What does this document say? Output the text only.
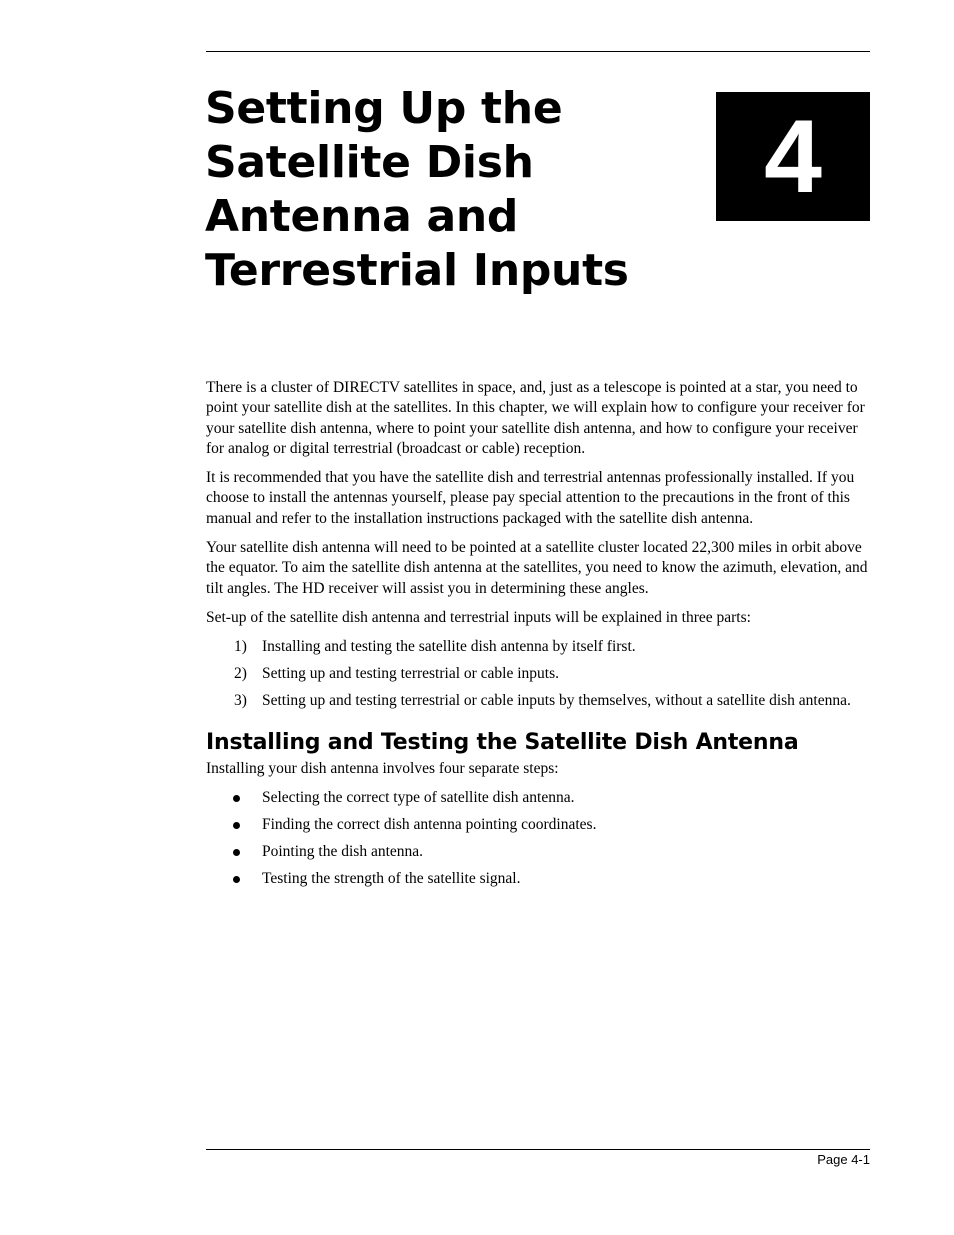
Setting Up the
Satellite Dish
Antenna and
Terrestrial Inputs
4

There is a cluster of DIRECTV satellites in space, and, just as a telescope is pointed at a star, you need to point your satellite dish at the satellites. In this chapter, we will explain how to configure your receiver for your satellite dish antenna, where to point your satellite dish antenna, and how to configure your receiver for analog or digital terrestrial (broadcast or cable) reception.

It is recommended that you have the satellite dish and terrestrial antennas professionally installed. If you choose to install the antennas yourself, please pay special attention to the precautions in the front of this manual and refer to the installation instructions packaged with the satellite dish antenna.

Your satellite dish antenna will need to be pointed at a satellite cluster located 22,300 miles in orbit above the equator. To aim the satellite dish antenna at the satellites, you need to know the azimuth, elevation, and tilt angles. The HD receiver will assist you in determining these angles.

Set-up of the satellite dish antenna and terrestrial inputs will be explained in three parts:

1) Installing and testing the satellite dish antenna by itself first.
2) Setting up and testing terrestrial or cable inputs.
3) Setting up and testing terrestrial or cable inputs by themselves, without a satellite dish antenna.
Installing and Testing the Satellite Dish Antenna

Installing your dish antenna involves four separate steps:

Selecting the correct type of satellite dish antenna.
Finding the correct dish antenna pointing coordinates.
Pointing the dish antenna.
Testing the strength of the satellite signal.
Page 4-1
